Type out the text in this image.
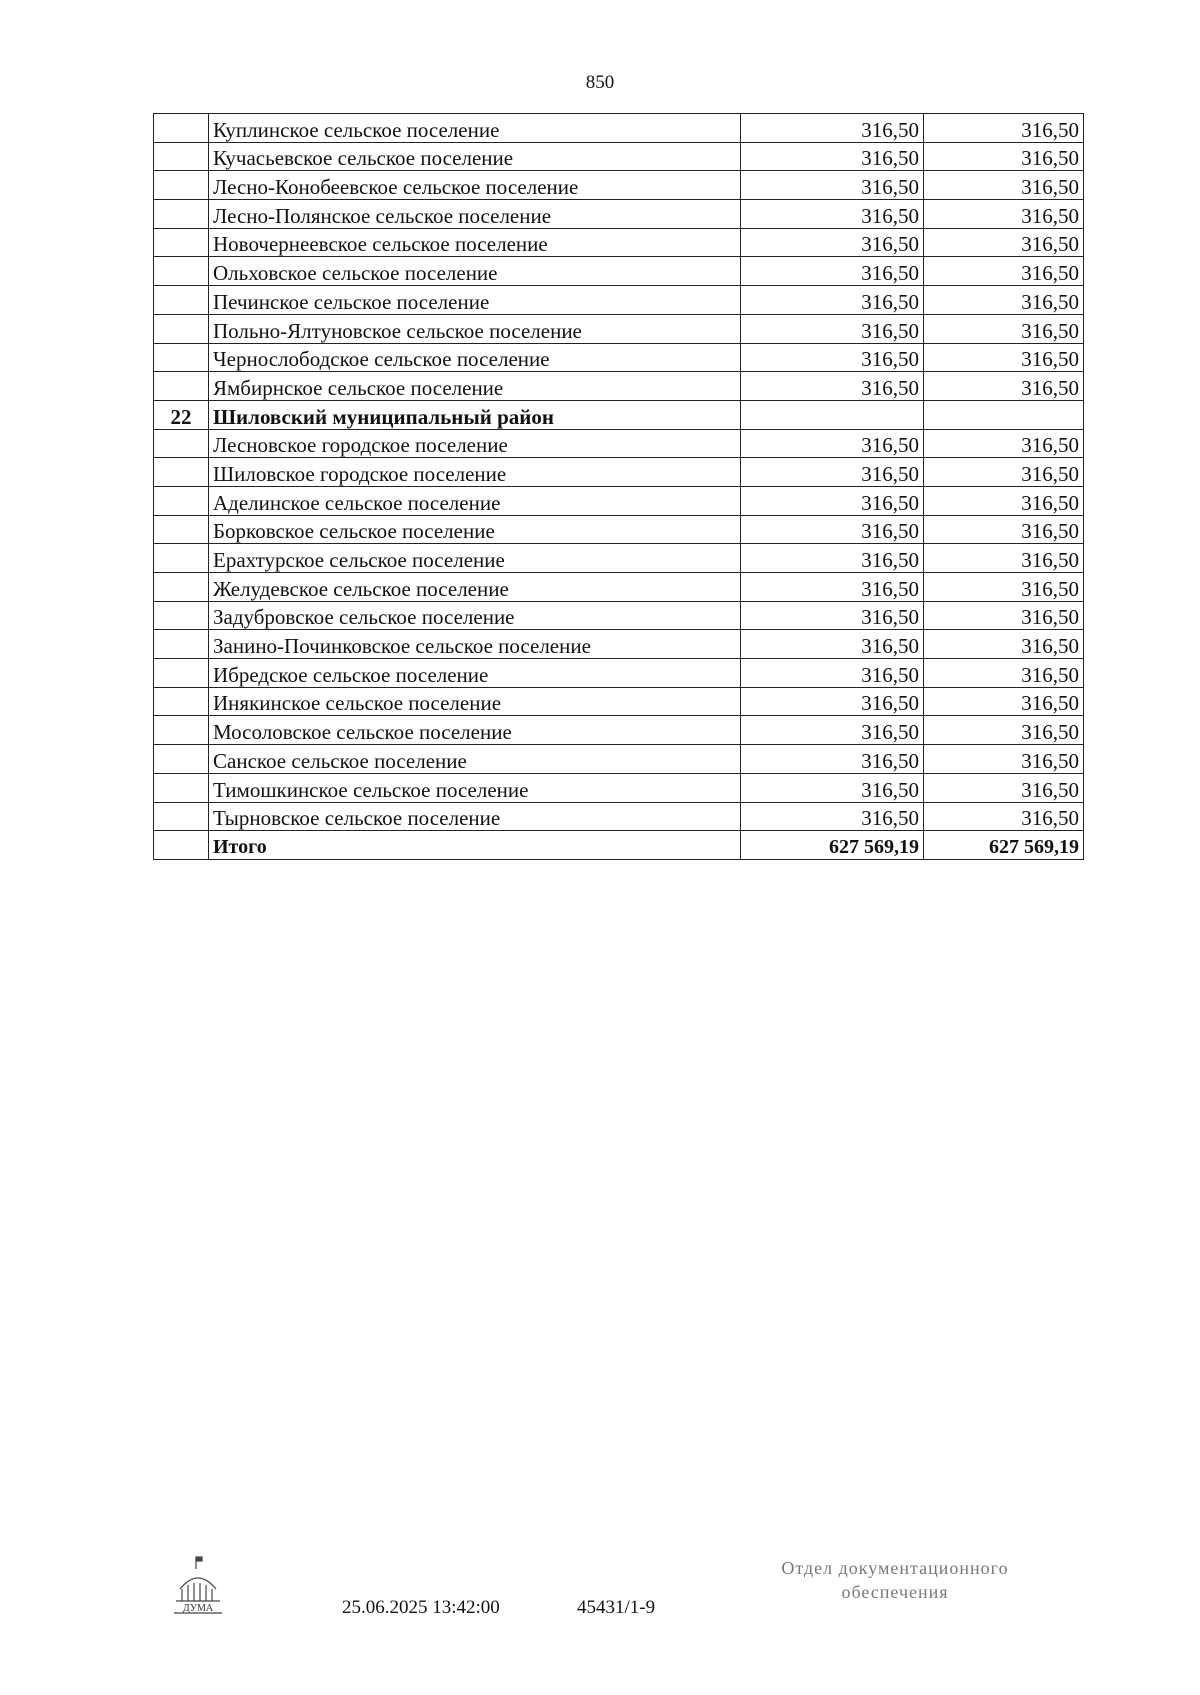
850
	Куплинское сельское поселение	316,50	316,50
	Кучасьевское сельское поселение	316,50	316,50
	Лесно-Конобеевское сельское поселение	316,50	316,50
	Лесно-Полянское сельское поселение	316,50	316,50
	Новочернеевское сельское поселение	316,50	316,50
	Ольховское сельское поселение	316,50	316,50
	Печинское сельское поселение	316,50	316,50
	Польно-Ялтуновское сельское поселение	316,50	316,50
	Чернослободское сельское поселение	316,50	316,50
	Ямбирнское сельское поселение	316,50	316,50
22	Шиловский муниципальный район		
	Лесновское городское поселение	316,50	316,50
	Шиловское городское поселение	316,50	316,50
	Аделинское сельское поселение	316,50	316,50
	Борковское сельское поселение	316,50	316,50
	Ерахтурское сельское поселение	316,50	316,50
	Желудевское сельское поселение	316,50	316,50
	Задубровское сельское поселение	316,50	316,50
	Занино-Починковское сельское поселение	316,50	316,50
	Ибредское сельское поселение	316,50	316,50
	Инякинское сельское поселение	316,50	316,50
	Мосоловское сельское поселение	316,50	316,50
	Санское сельское поселение	316,50	316,50
	Тимошкинское сельское поселение	316,50	316,50
	Тырновское сельское поселение	316,50	316,50
	Итого	627 569,19	627 569,19
ДУМА	25.06.2025 13:42:00	45431/1-9
Отдел документационного
обеспечения
